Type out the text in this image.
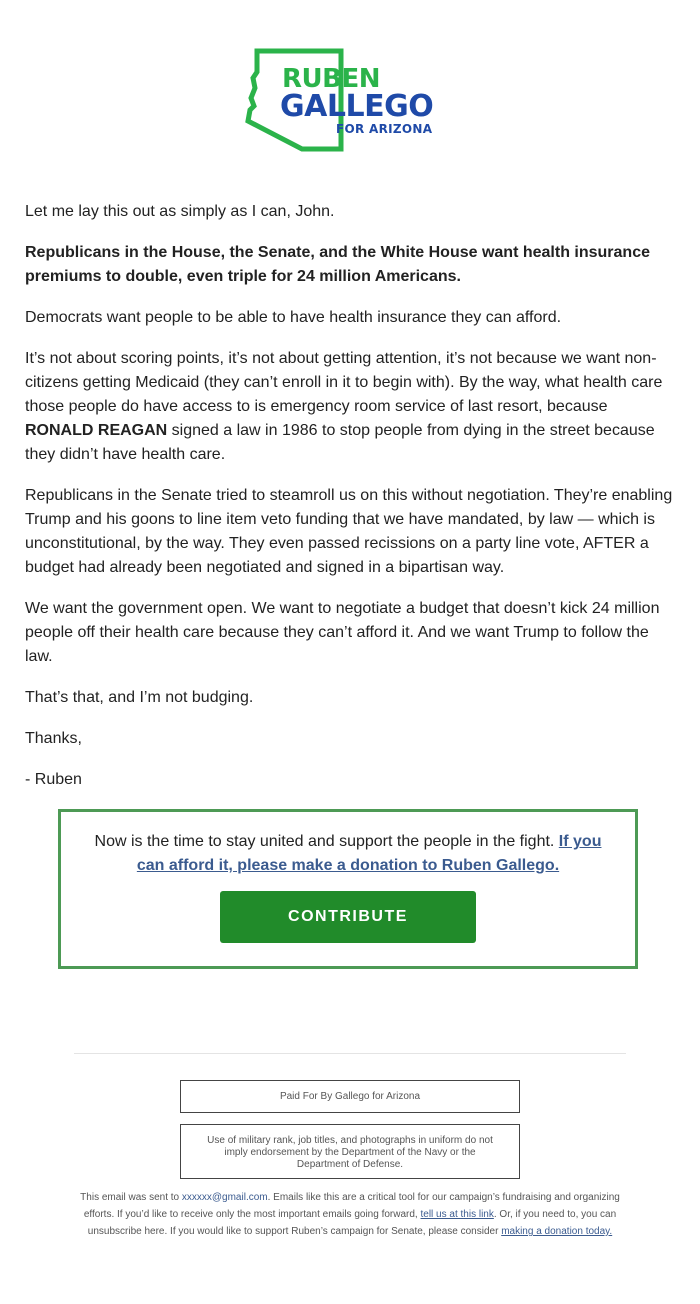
RUBEN
GALLEGO
FOR ARIZONA

Let me lay this out as simply as I can, John.

Republicans in the House, the Senate, and the White House want health insurance premiums to double, even triple for 24 million Americans.

Democrats want people to be able to have health insurance they can afford.

It’s not about scoring points, it’s not about getting attention, it’s not because we want non-citizens getting Medicaid (they can’t enroll in it to begin with). By the way, what health care those people do have access to is emergency room service of last resort, because RONALD REAGAN signed a law in 1986 to stop people from dying in the street because they didn’t have health care.

Republicans in the Senate tried to steamroll us on this without negotiation. They’re enabling Trump and his goons to line item veto funding that we have mandated, by law — which is unconstitutional, by the way. They even passed recissions on a party line vote, AFTER a budget had already been negotiated and signed in a bipartisan way.

We want the government open. We want to negotiate a budget that doesn’t kick 24 million people off their health care because they can’t afford it. And we want Trump to follow the law.

That’s that, and I’m not budging.

Thanks,

- Ruben

Now is the time to stay united and support the people in the fight. If you can afford it, please make a donation to Ruben Gallego.
CONTRIBUTE
Paid For By Gallego for Arizona
Use of military rank, job titles, and photographs in uniform do not imply endorsement by the Department of the Navy or the Department of Defense.
This email was sent to xxxxxx@gmail.com. Emails like this are a critical tool for our campaign’s fundraising and organizing efforts. If you’d like to receive only the most important emails going forward, tell us at this link. Or, if you need to, you can unsubscribe here. If you would like to support Ruben’s campaign for Senate, please consider making a donation today.
